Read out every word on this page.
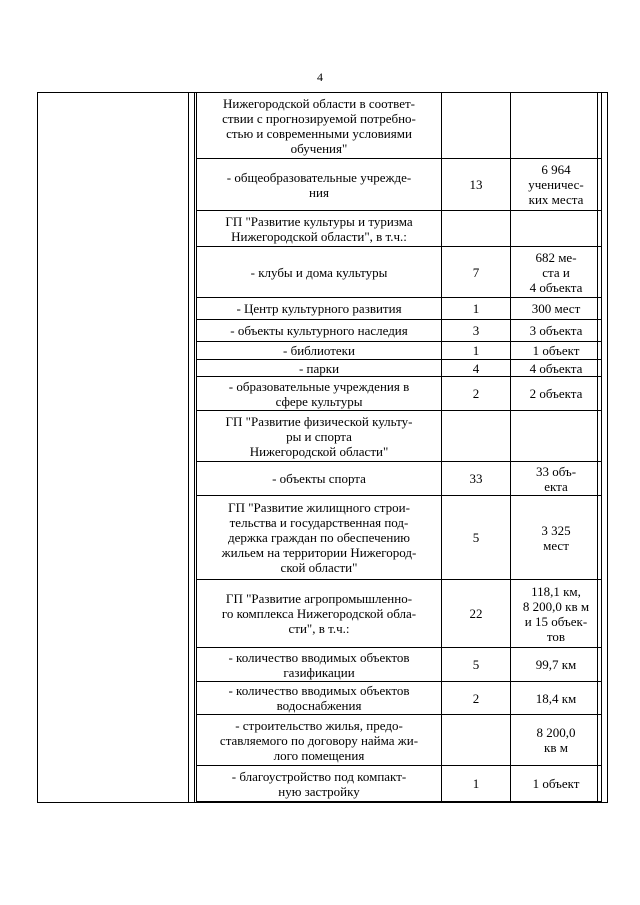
4
Нижегородской области в соответ-
ствии с прогнозируемой потребно-
стью и современными условиями
обучения"		
- общеобразовательные учрежде-
ния	13	6 964
ученичес-
ких места
ГП "Развитие культуры и туризма
Нижегородской области", в т.ч.:		
- клубы и дома культуры	7	682 ме-
ста и
4 объекта
- Центр культурного развития	1	300 мест
- объекты культурного наследия	3	3 объекта
- библиотеки	1	1 объект
- парки	4	4 объекта
- образовательные учреждения в
сфере культуры	2	2 объекта
ГП "Развитие физической культу-
ры и спорта
Нижегородской области"		
- объекты спорта	33	33 объ-
екта
ГП "Развитие жилищного строи-
тельства и государственная под-
держка граждан по обеспечению
жильем на территории Нижегород-
ской области"	5	3 325
мест
ГП "Развитие агропромышленно-
го комплекса Нижегородской обла-
сти", в т.ч.:	22	118,1 км,
8 200,0 кв м
и 15 объек-
тов
- количество вводимых объектов
газификации	5	99,7 км
- количество вводимых объектов
водоснабжения	2	18,4 км
- строительство жилья, предо-
ставляемого по договору найма жи-
лого помещения		8 200,0
кв м
- благоустройство под компакт-
ную застройку	1	1 объект
